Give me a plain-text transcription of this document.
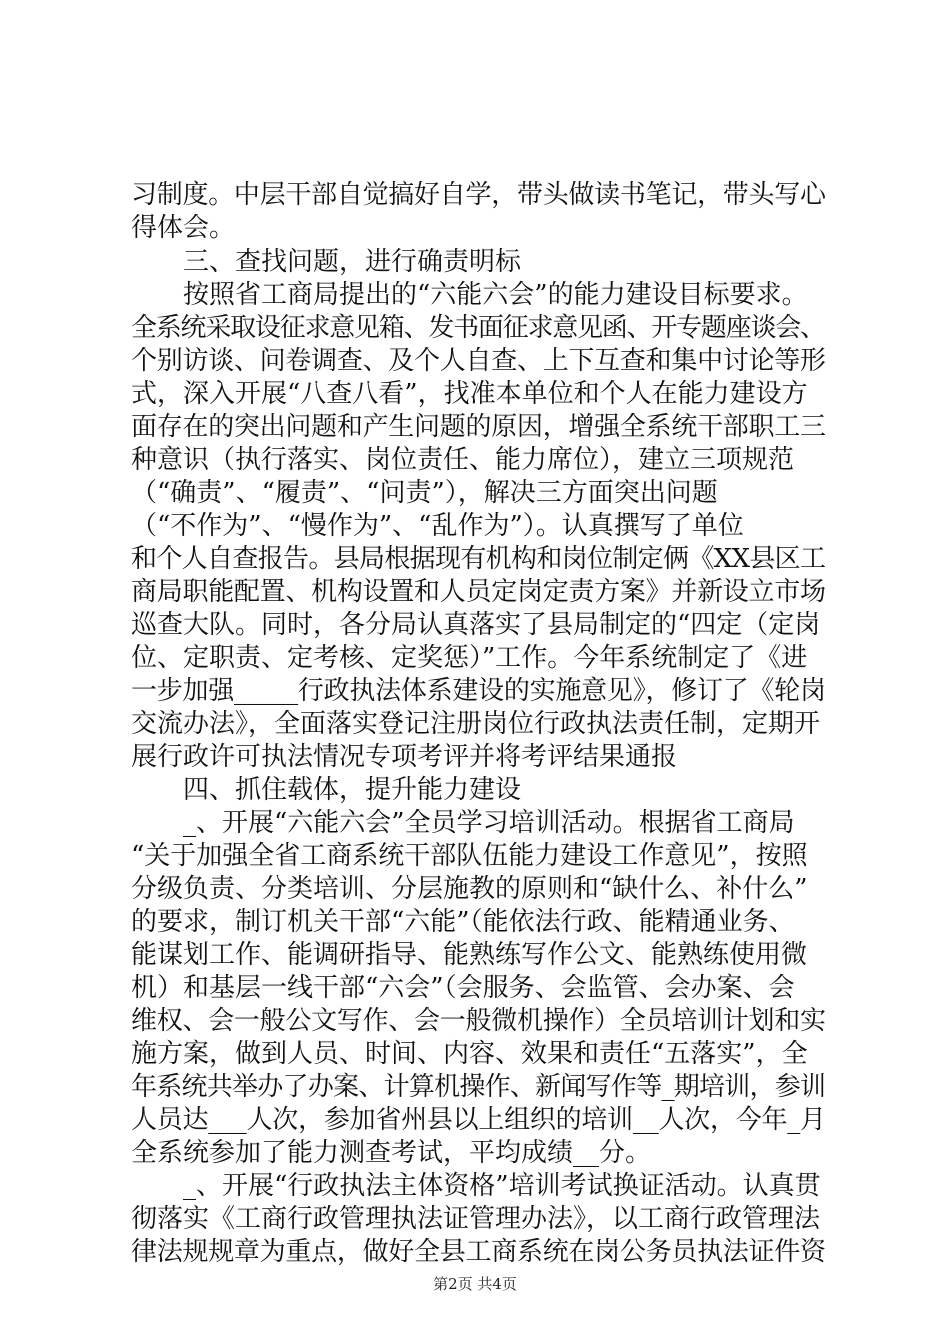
习制度。中层干部自觉搞好自学，带头做读书笔记，带头写心
得体会。
三、查找问题，进行确责明标
按照省工商局提出的“六能六会”的能力建设目标要求。
全系统采取设征求意见箱、发书面征求意见函、开专题座谈会、
个别访谈、问卷调查、及个人自查、上下互查和集中讨论等形
式，深入开展“八查八看”，找准本单位和个人在能力建设方
面存在的突出问题和产生问题的原因，增强全系统干部职工三
种意识（执行落实、岗位责任、能力席位），建立三项规范
（“确责”、“履责”、“问责”），解决三方面突出问题
（“不作为”、“慢作为”、“乱作为”）。认真撰写了单位
和个人自查报告。县局根据现有机构和岗位制定俩《XX县区工
商局职能配置、机构设置和人员定岗定责方案》并新设立市场
巡查大队。同时，各分局认真落实了县局制定的“四定（定岗
位、定职责、定考核、定奖惩）”工作。今年系统制定了《进
一步加强_____行政执法体系建设的实施意见》，修订了《轮岗
交流办法》，全面落实登记注册岗位行政执法责任制，定期开
展行政许可执法情况专项考评并将考评结果通报
四、抓住载体，提升能力建设
_、开展“六能六会”全员学习培训活动。根据省工商局
“关于加强全省工商系统干部队伍能力建设工作意见”，按照
分级负责、分类培训、分层施教的原则和“缺什么、补什么”
的要求，制订机关干部“六能”（能依法行政、能精通业务、
能谋划工作、能调研指导、能熟练写作公文、能熟练使用微
机）和基层一线干部“六会”（会服务、会监管、会办案、会
维权、会一般公文写作、会一般微机操作）全员培训计划和实
施方案，做到人员、时间、内容、效果和责任“五落实”，全
年系统共举办了办案、计算机操作、新闻写作等_期培训，参训
人员达___人次，参加省州县以上组织的培训__人次，今年_月
全系统参加了能力测查考试，平均成绩__分。
_、开展“行政执法主体资格”培训考试换证活动。认真贯
彻落实《工商行政管理执法证管理办法》，以工商行政管理法
律法规规章为重点，做好全县工商系统在岗公务员执法证件资
第2页 共4页
